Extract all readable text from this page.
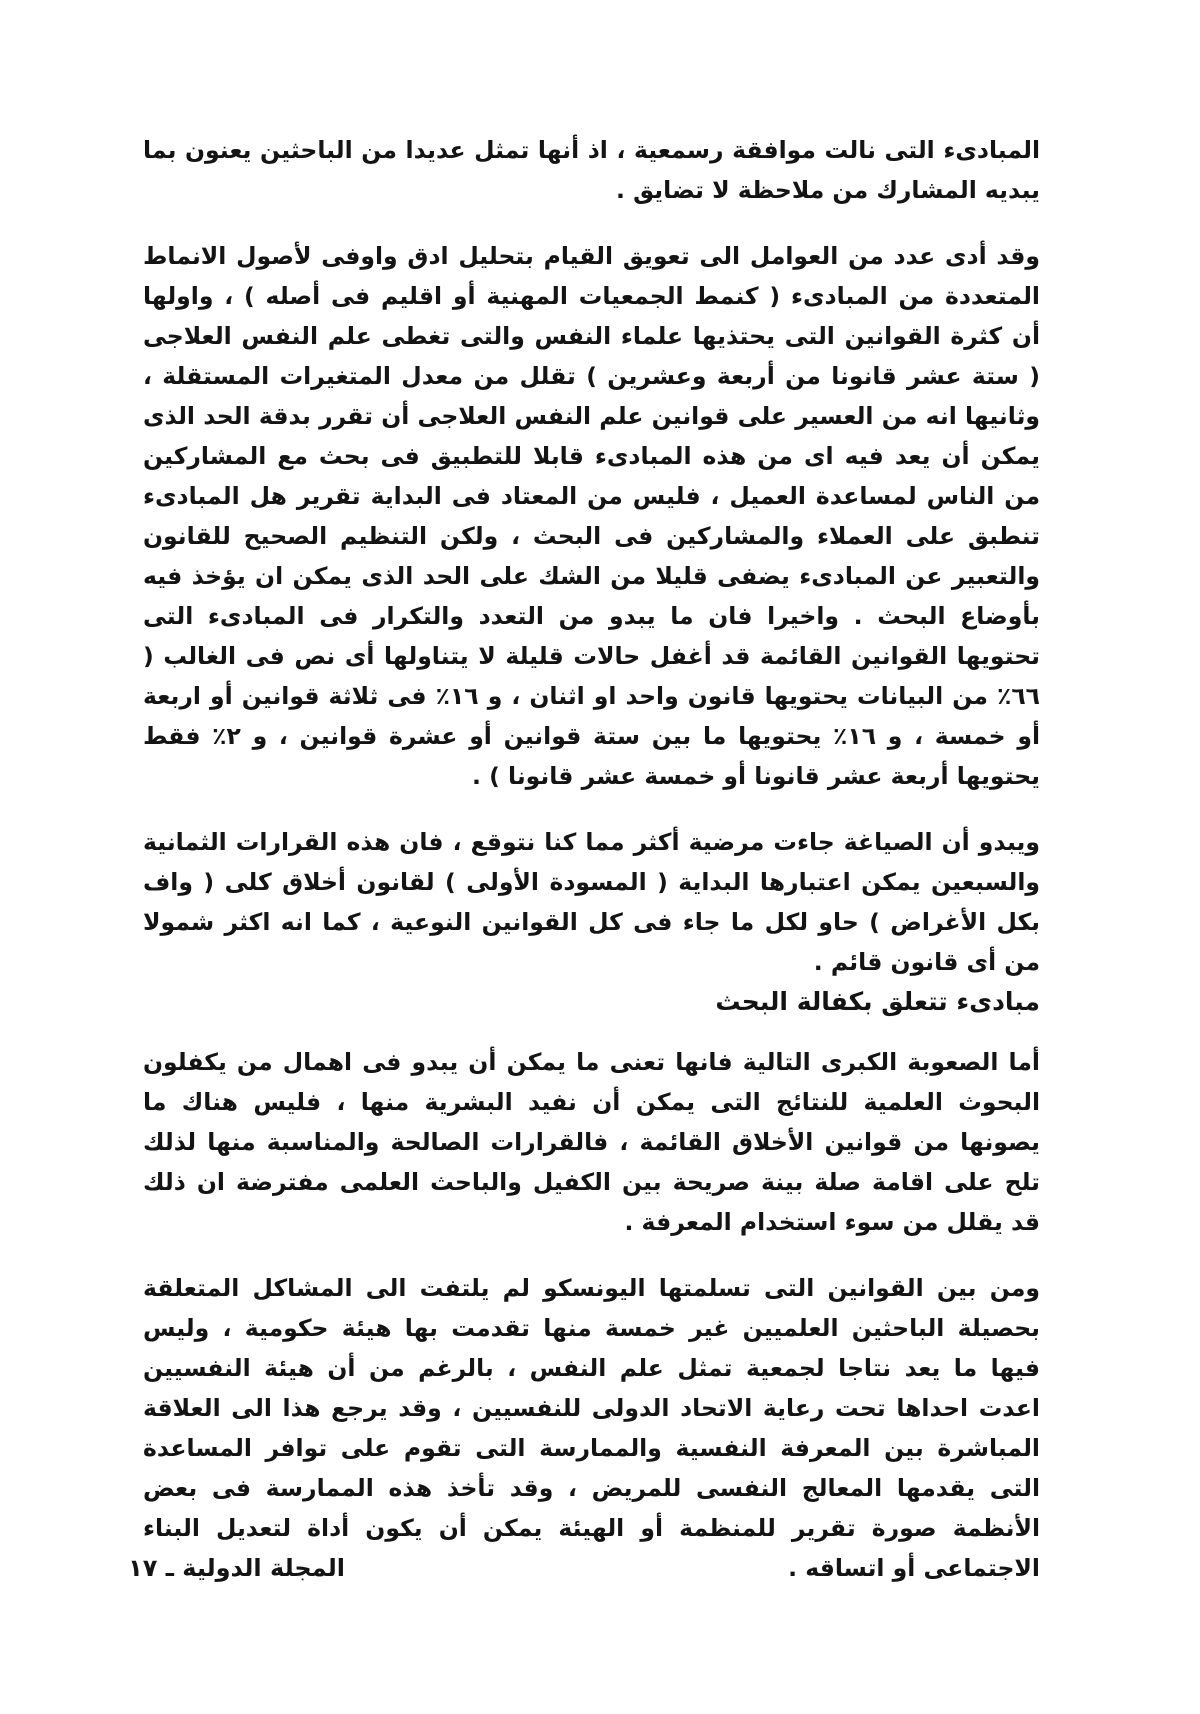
المبادىء التى نالت موافقة رسمعية ، اذ أنها تمثل عديدا من الباحثين يعنون بما يبديه المشارك من ملاحظة لا تضايق .

وقد أدى عدد من العوامل الى تعويق القيام بتحليل ادق واوفى لأصول الانماط المتعددة من المبادىء ( كنمط الجمعيات المهنية أو اقليم فى أصله ) ، واولها أن كثرة القوانين التى يحتذيها علماء النفس والتى تغطى علم النفس العلاجى ( ستة عشر قانونا من أربعة وعشرين ) تقلل من معدل المتغيرات المستقلة ، وثانيها انه من العسير على قوانين علم النفس العلاجى أن تقرر بدقة الحد الذى يمكن أن يعد فيه اى من هذه المبادىء قابلا للتطبيق فى بحث مع المشاركين من الناس لمساعدة العميل ، فليس من المعتاد فى البداية تقرير هل المبادىء تنطبق على العملاء والمشاركين فى البحث ، ولكن التنظيم الصحيح للقانون والتعبير عن المبادىء يضفى قليلا من الشك على الحد الذى يمكن ان يؤخذ فيه بأوضاع البحث . واخيرا فان ما يبدو من التعدد والتكرار فى المبادىء التى تحتويها القوانين القائمة قد أغفل حالات قليلة لا يتناولها أى نص فى الغالب ( ٦٦٪ من البيانات يحتويها قانون واحد او اثنان ، و ١٦٪ فى ثلاثة قوانين أو اربعة أو خمسة ، و ١٦٪ يحتويها ما بين ستة قوانين أو عشرة قوانين ، و ٢٪ فقط يحتويها أربعة عشر قانونا أو خمسة عشر قانونا ) .

ويبدو أن الصياغة جاءت مرضية أكثر مما كنا نتوقع ، فان هذه القرارات الثمانية والسبعين يمكن اعتبارها البداية ( المسودة الأولى ) لقانون أخلاق كلى ( واف بكل الأغراض ) حاو لكل ما جاء فى كل القوانين النوعية ، كما انه اكثر شمولا من أى قانون قائم .

مبادىء تتعلق بكفالة البحث

أما الصعوبة الكبرى التالية فانها تعنى ما يمكن أن يبدو فى اهمال من يكفلون البحوث العلمية للنتائج التى يمكن أن نفيد البشرية منها ، فليس هناك ما يصونها من قوانين الأخلاق القائمة ، فالقرارات الصالحة والمناسبة منها لذلك تلح على اقامة صلة بينة صريحة بين الكفيل والباحث العلمى مفترضة ان ذلك قد يقلل من سوء استخدام المعرفة .

ومن بين القوانين التى تسلمتها اليونسكو لم يلتفت الى المشاكل المتعلقة بحصيلة الباحثين العلميين غير خمسة منها تقدمت بها هيئة حكومية ، وليس فيها ما يعد نتاجا لجمعية تمثل علم النفس ، بالرغم من أن هيئة النفسيين اعدت احداها تحت رعاية الاتحاد الدولى للنفسيين ، وقد يرجع هذا الى العلاقة المباشرة بين المعرفة النفسية والممارسة التى تقوم على توافر المساعدة التى يقدمها المعالج النفسى للمريض ، وقد تأخذ هذه الممارسة فى بعض الأنظمة صورة تقرير للمنظمة أو الهيئة يمكن أن يكون أداة لتعديل البناء الاجتماعى أو اتساقه .

المجلة الدولية ـ ١٧
